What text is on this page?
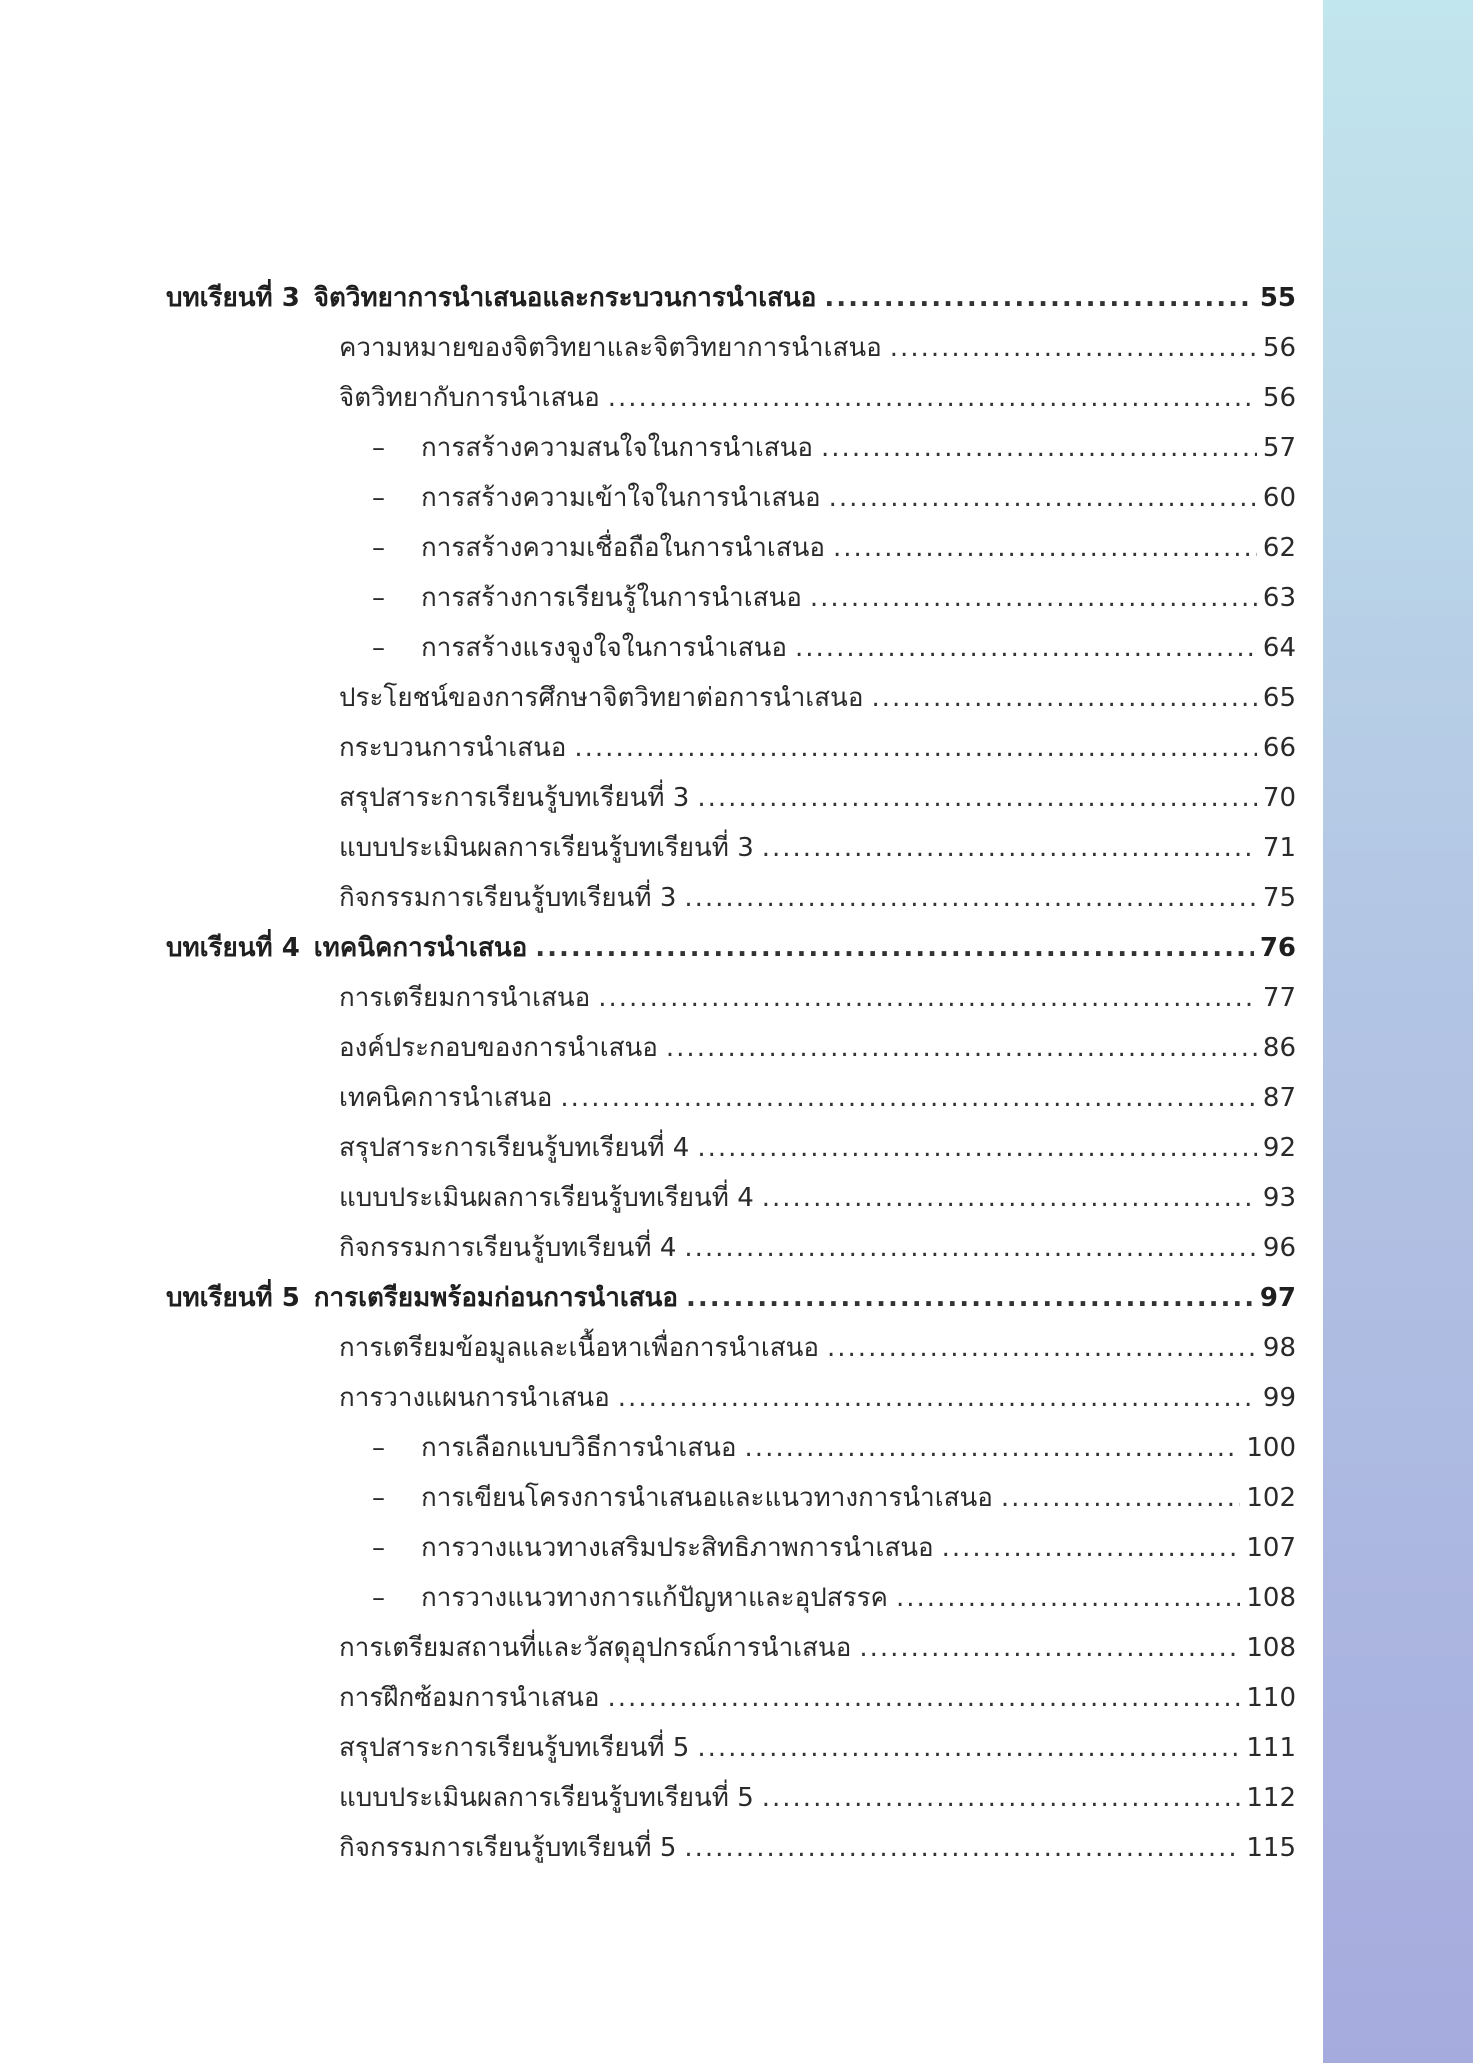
บทเรียนที่ 3 จิตวิทยาการนำเสนอและกระบวนการนำเสนอ .....	55
ความหมายของจิตวิทยาและจิตวิทยาการนำเสนอ .....	56
จิตวิทยากับการนำเสนอ .....	56
– การสร้างความสนใจในการนำเสนอ .....	57
– การสร้างความเข้าใจในการนำเสนอ .....	60
– การสร้างความเชื่อถือในการนำเสนอ .....	62
– การสร้างการเรียนรู้ในการนำเสนอ .....	63
– การสร้างแรงจูงใจในการนำเสนอ .....	64
ประโยชน์ของการศึกษาจิตวิทยาต่อการนำเสนอ .....	65
กระบวนการนำเสนอ .....	66
สรุปสาระการเรียนรู้บทเรียนที่ 3 .....	70
แบบประเมินผลการเรียนรู้บทเรียนที่ 3 .....	71
กิจกรรมการเรียนรู้บทเรียนที่ 3 .....	75
บทเรียนที่ 4 เทคนิคการนำเสนอ .....	76
การเตรียมการนำเสนอ .....	77
องค์ประกอบของการนำเสนอ .....	86
เทคนิคการนำเสนอ .....	87
สรุปสาระการเรียนรู้บทเรียนที่ 4 .....	92
แบบประเมินผลการเรียนรู้บทเรียนที่ 4 .....	93
กิจกรรมการเรียนรู้บทเรียนที่ 4 .....	96
บทเรียนที่ 5 การเตรียมพร้อมก่อนการนำเสนอ .....	97
การเตรียมข้อมูลและเนื้อหาเพื่อการนำเสนอ .....	98
การวางแผนการนำเสนอ .....	99
– การเลือกแบบวิธีการนำเสนอ .....	100
– การเขียนโครงการนำเสนอและแนวทางการนำเสนอ .....	102
– การวางแนวทางเสริมประสิทธิภาพการนำเสนอ .....	107
– การวางแนวทางการแก้ปัญหาและอุปสรรค .....	108
การเตรียมสถานที่และวัสดุอุปกรณ์การนำเสนอ .....	108
การฝึกซ้อมการนำเสนอ .....	110
สรุปสาระการเรียนรู้บทเรียนที่ 5 .....	111
แบบประเมินผลการเรียนรู้บทเรียนที่ 5 .....	112
กิจกรรมการเรียนรู้บทเรียนที่ 5 .....	115
